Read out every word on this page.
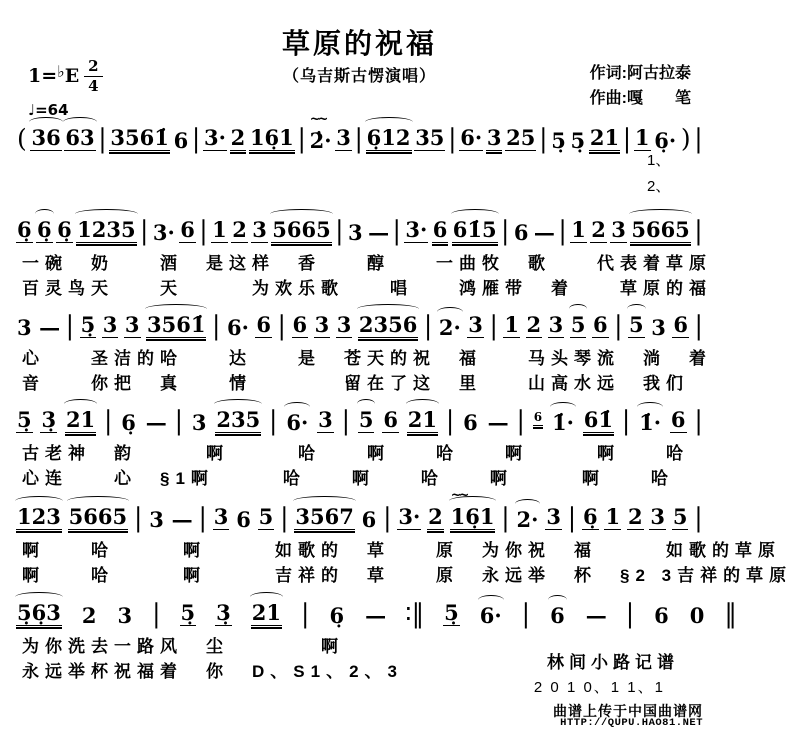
草原的祝福
（乌吉斯古愣演唱）	作词:阿古拉泰
作曲:嘎　　笔
1= ♭ E $\frac{2}{4}$
♩=64
1、
2、
( 36 63 | 3561̇ 6 | 3· 2 16̣1 | 2̇·
~~
3 | 6̣12 35 | 6· 3 25 | 5̣ 5̣ 21 | 1 6̣· ) |
6̣ 6̣ 6̣ 1235 | 3· 6 | 1 2 3 5665 | 3 — | 3· 6 61̇5 | 6 — | 1 2 3 5665 |
一碗　奶　　酒　是这样　香　　醇　　一曲牧　歌　　代表着草原
百灵鸟天　　天　　　为欢乐歌　　唱　　鸿雁带　着　　草原的福
3 — | 5̣ 3 3 3561̇ | 6· 6 | 6 3 3 2356 | 2· 3 | 1 2 3 5 6 | 5 3 6 |
心　　圣洁的哈　　达　　是　苍天的祝　福　　马头琴流　淌　着
音　　你把　真　　情　　　　留在了这　里　　山高水远　我们
5̣ 3̣ 21 | 6̣ — | 3 235 | 6· 3 | 5 6 21 | 6 — | 6 1̇· 61̇ | 1̇· 6 |
古老神　韵　　　啊　　　哈　　啊　　哈　　啊　　　啊　　哈
心连　　心　§1啊　　　哈　　啊　　哈　　啊　　　啊　　哈
123 5665 | 3 — | 3 6 5 | 3567 6 | 3· 2 16̣1
~~
| 2· 3 | 6̣ 1 2 3 5 |
啊　　哈　　　啊　　　如歌的　草　　原　为你祝　福　　　如歌的草原
啊　　哈　　　啊　　　吉祥的　草　　原　永远举　杯　§2 3吉祥的草原
5̣6̣3 2 3 | 5̣ 3̣ 21 | 6̣ — ∶‖ 5̣ 6· | 6 — | 6 0 ‖
为你洗去一路风　尘　　　　啊
永远举杯祝福着　你　D、S1、2、3	林间小路记谱
2 0 1 0、1 1、1
曲谱上传于中国曲谱网
HTTP://QUPU.HAO81.NET
